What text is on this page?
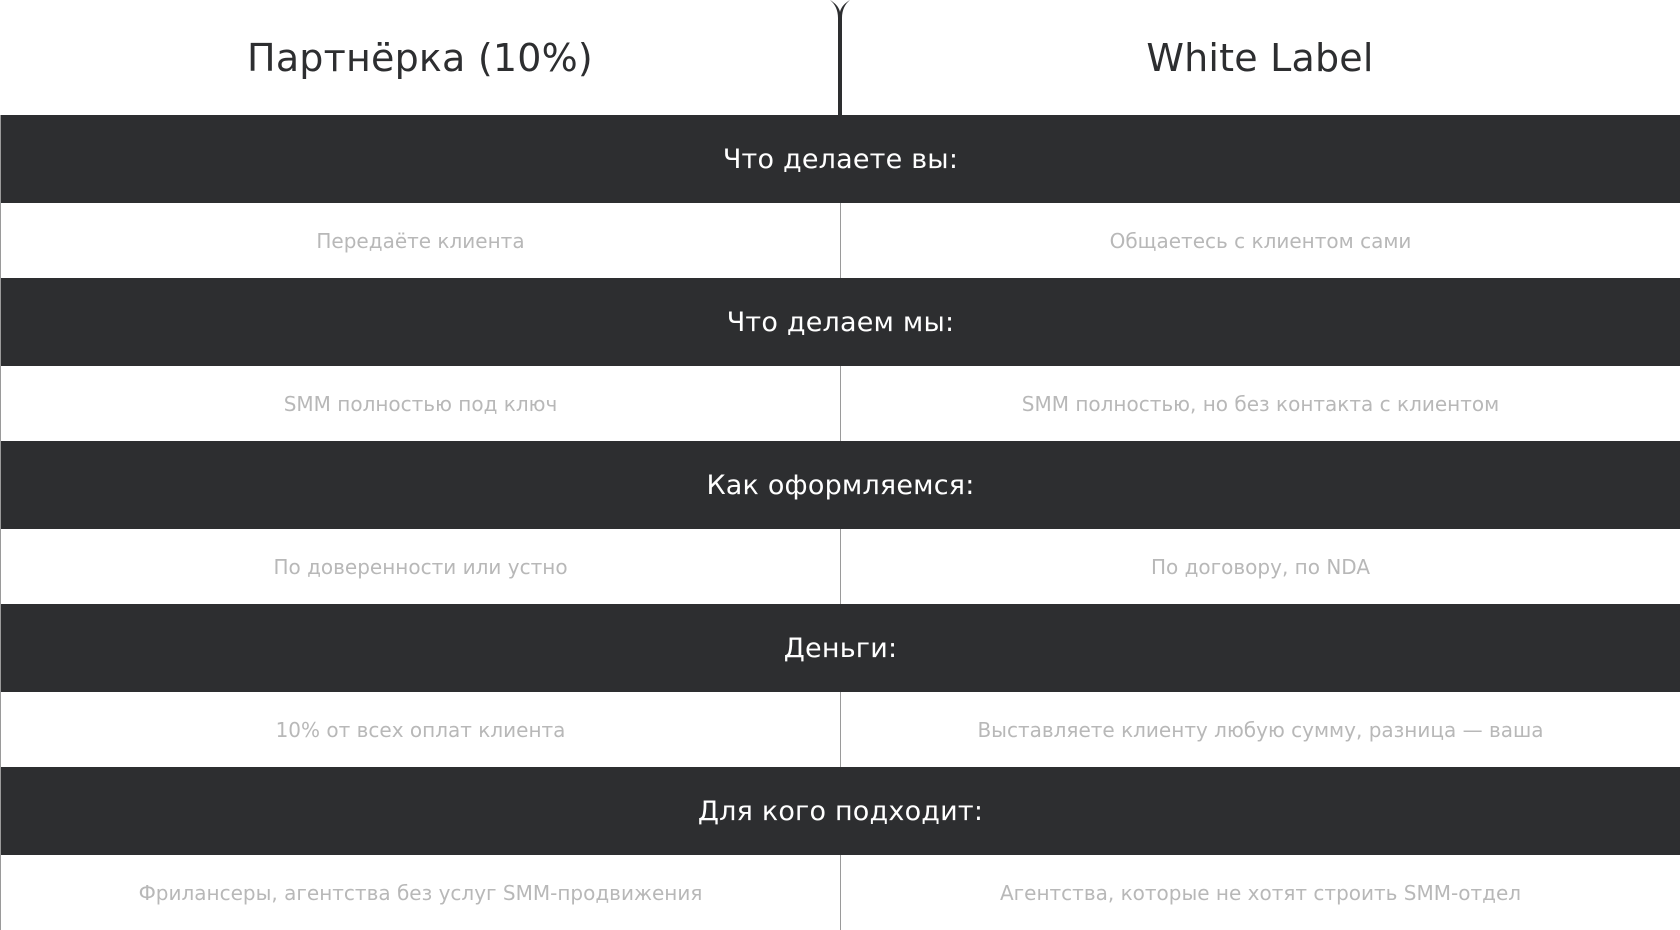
Партнёрка (10%)	White Label
Что делаете вы:
Передаёте клиента	Общаетесь с клиентом сами
Что делаем мы:
SMM полностью под ключ	SMM полностью, но без контакта с клиентом
Как оформляемся:
По доверенности или устно	По договору, по NDA
Деньги:
10% от всех оплат клиента	Выставляете клиенту любую сумму, разница — ваша
Для кого подходит:
Фрилансеры, агентства без услуг SMM-продвижения	Агентства, которые не хотят строить SMM-отдел
